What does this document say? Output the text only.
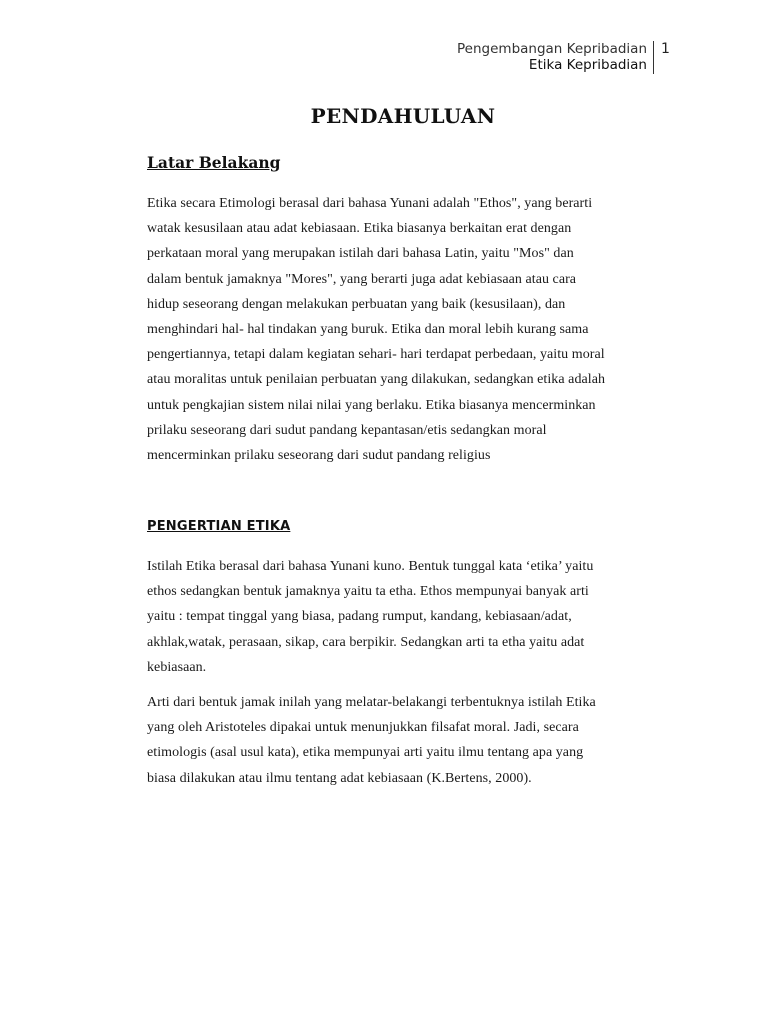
Pengembangan Kepribadian
Etika Kepribadian
1
PENDAHULUAN
Latar Belakang
Etika secara Etimologi berasal dari bahasa Yunani adalah "Ethos", yang berarti
watak kesusilaan atau adat kebiasaan. Etika biasanya berkaitan erat dengan
perkataan moral yang merupakan istilah dari bahasa Latin, yaitu "Mos" dan
dalam bentuk jamaknya "Mores", yang berarti juga adat kebiasaan atau cara
hidup seseorang dengan melakukan perbuatan yang baik (kesusilaan), dan
menghindari hal- hal tindakan yang buruk. Etika dan moral lebih kurang sama
pengertiannya, tetapi dalam kegiatan sehari- hari terdapat perbedaan, yaitu moral
atau moralitas untuk penilaian perbuatan yang dilakukan, sedangkan etika adalah
untuk pengkajian sistem nilai nilai yang berlaku. Etika biasanya mencerminkan
prilaku seseorang dari sudut pandang kepantasan/etis sedangkan moral
mencerminkan prilaku seseorang dari sudut pandang religius
PENGERTIAN ETIKA
Istilah Etika berasal dari bahasa Yunani kuno. Bentuk tunggal kata ‘etika’ yaitu
ethos sedangkan bentuk jamaknya yaitu ta etha. Ethos mempunyai banyak arti
yaitu : tempat tinggal yang biasa, padang rumput, kandang, kebiasaan/adat,
akhlak,watak, perasaan, sikap, cara berpikir. Sedangkan arti ta etha yaitu adat
kebiasaan.
Arti dari bentuk jamak inilah yang melatar-belakangi terbentuknya istilah Etika
yang oleh Aristoteles dipakai untuk menunjukkan filsafat moral. Jadi, secara
etimologis (asal usul kata), etika mempunyai arti yaitu ilmu tentang apa yang
biasa dilakukan atau ilmu tentang adat kebiasaan (K.Bertens, 2000).
